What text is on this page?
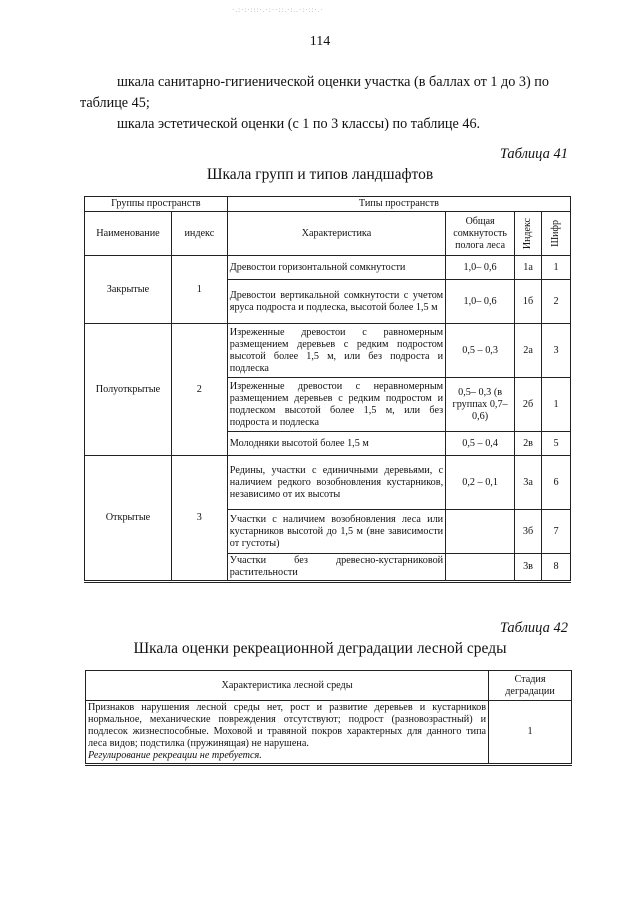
·.:·:·:::·.·:··::.·:..·:·::·.·
114
шкала санитарно-гигиенической оценки участка (в баллах от 1 до 3) по таблице 45;
шкала эстетической оценки (с 1 по 3 классы) по таблице 46.
Таблица 41
Шкала групп и типов ландшафтов
Группы пространств		Типы пространств			
Наименование	индекс	Характеристика	Общая сомкнутость полога леса	Индекс	Шифр

Закрытые	1	Древостои горизонтальной сомкнутости	1,0– 0,6	1а	1
		Древостои вертикальной сомкнутости с учетом яруса подроста и подлеска, высотой более 1,5 м	1,0– 0,6	1б	2
Полуоткрытые	2	Изреженные древостои с равномерным размещением деревьев с редким подростом высотой более 1,5 м, или без подроста и подлеска	0,5 – 0,3	2а	3
		Изреженные древостои с неравномерным размещением деревьев с редким подростом и подлеском высотой более 1,5 м, или без подроста и подлеска	0,5– 0,3 (в группах 0,7– 0,6)	2б	1
		Молодняки высотой более 1,5 м	0,5 – 0,4	2в	5
Открытые	3	Редины, участки с единичными деревьями, с наличием редкого возобновления кустарников, независимо от их высоты	0,2 – 0,1	3а	6
		Участки с наличием возобновления леса или кустарников высотой до 1,5 м (вне зависимости от густоты)		3б	7
		Участки без древесно-кустарниковой растительности		3в	8
Таблица 42
Шкала оценки рекреационной деградации лесной среды
Характеристика лесной среды	Стадия деградации
Признаков нарушения лесной среды нет, рост и развитие деревьев и кустарников нормальное, механические повреждения отсутствуют; подрост (разновозрастный) и подлесок жизнеспособные. Моховой и травяной покров характерных для данного типа леса видов; подстилка (пружинящая) не нарушена.
Регулирование рекреации не требуется.	1
